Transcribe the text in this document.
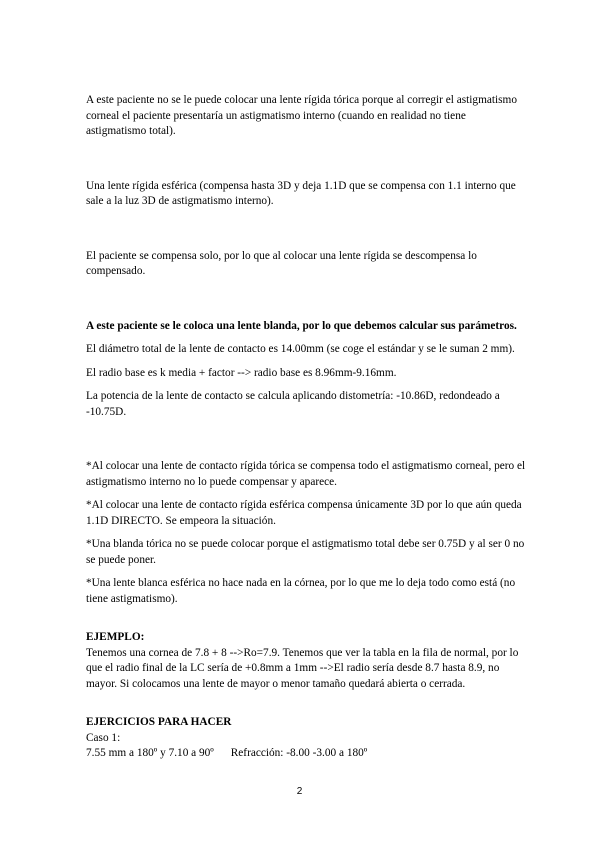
A este paciente no se le puede colocar una lente rígida tórica porque al corregir el astigmatismo corneal el paciente presentaría un astigmatismo interno (cuando en realidad no tiene astigmatismo total).

Una lente rígida esférica (compensa hasta 3D y deja 1.1D que se compensa con 1.1 interno que sale a la luz 3D de astigmatismo interno).

El paciente se compensa solo, por lo que al colocar una lente rígida se descompensa lo compensado.

A este paciente se le coloca una lente blanda, por lo que debemos calcular sus parámetros.

El diámetro total de la lente de contacto es 14.00mm (se coge el estándar y se le suman 2 mm).

El radio base es k media + factor --> radio base es 8.96mm-9.16mm.

La potencia de la lente de contacto se calcula aplicando distometría: -10.86D, redondeado a -10.75D.

*Al colocar una lente de contacto rígida tórica se compensa todo el astigmatismo corneal, pero el astigmatismo interno no lo puede compensar y aparece.

*Al colocar una lente de contacto rígida esférica compensa únicamente 3D por lo que aún queda 1.1D DIRECTO. Se empeora la situación.

*Una blanda tórica no se puede colocar porque el astigmatismo total debe ser 0.75D y al ser 0 no se puede poner.

*Una lente blanca esférica no hace nada en la córnea, por lo que me lo deja todo como está (no tiene astigmatismo).

EJEMPLO:

Tenemos una cornea de 7.8 + 8 -->Ro=7.9. Tenemos que ver la tabla en la fila de normal, por lo que el radio final de la LC sería de +0.8mm a 1mm -->El radio sería desde 8.7 hasta 8.9, no mayor. Si colocamos una lente de mayor o menor tamaño quedará abierta o cerrada.

EJERCICIOS PARA HACER

Caso 1:

7.55 mm a 180º y 7.10 a 90º      Refracción: -8.00 -3.00 a 180º

2
